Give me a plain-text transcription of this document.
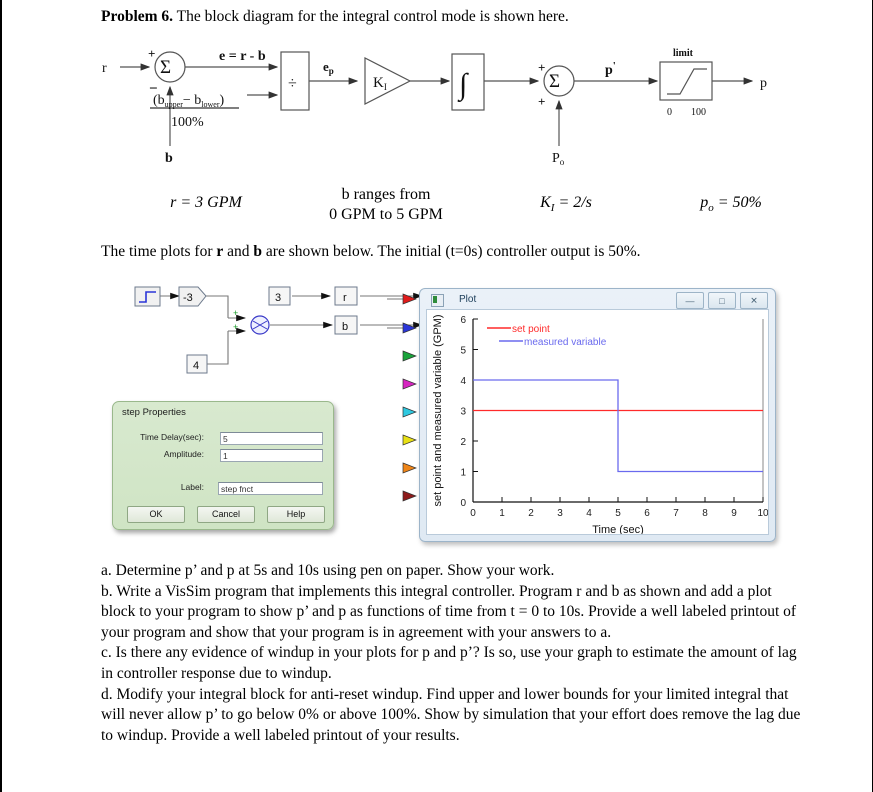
Problem 6. The block diagram for the integral control mode is shown here.
r	Σ
+
−
b
e = r - b
÷
$(b_{upper}- b_{lower})$
100%
$e_p$
$K_I$ ∫	Σ
+
+
$P_o$
p'
limit
0 100
p
r = 3 GPM	b ranges from
0 GPM to 5 GPM
$K_I = 2/s$	$p_o = 50\%$
The time plots for r and b are shown below. The initial (t=0s) controller output is 50%.
-3
4
+
+
3	r
b
step Properties
Time Delay(sec):	5
Amplitude:	1
Label:	step fnct
OK	Cancel	Help
Plot	—	□	✕
0
1
2
3
4
5
6
0 1 2 3 4 5 6 7 8 9 10
Time (sec)
set point and measured variable (GPM)	set point
measured variable

a. Determine p’ and p at 5s and 10s using pen on paper. Show your work.

b. Write a VisSim program that implements this integral controller. Program r and b as shown and add a plot block to your program to show p’ and p as functions of time from t = 0 to 10s. Provide a well labeled printout of your program and show that your program is in agreement with your answers to a.

c. Is there any evidence of windup in your plots for p and p’? Is so, use your graph to estimate the amount of lag in controller response due to windup.

d. Modify your integral block for anti-reset windup. Find upper and lower bounds for your limited integral that will never allow p’ to go below 0% or above 100%. Show by simulation that your effort does remove the lag due to windup. Provide a well labeled printout of your results.
